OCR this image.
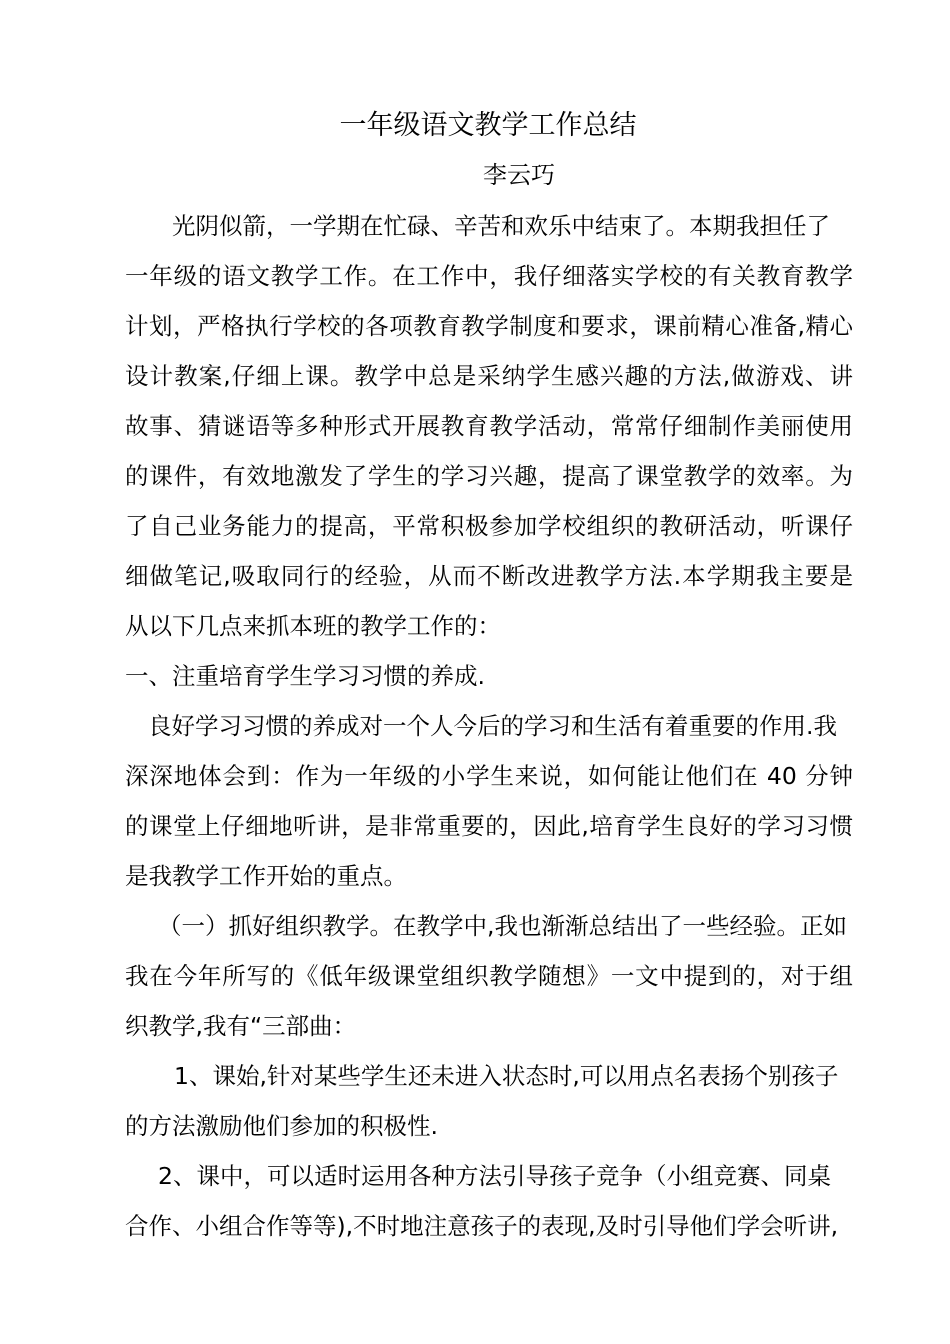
一年级语文教学工作总结
李云巧
光阴似箭，一学期在忙碌、辛苦和欢乐中结束了。本期我担任了
一年级的语文教学工作。在工作中，我仔细落实学校的有关教育教学
计划，严格执行学校的各项教育教学制度和要求，课前精心准备,精心
设计教案,仔细上课。教学中总是采纳学生感兴趣的方法,做游戏、讲
故事、猜谜语等多种形式开展教育教学活动，常常仔细制作美丽使用
的课件，有效地激发了学生的学习兴趣，提高了课堂教学的效率。为
了自己业务能力的提高，平常积极参加学校组织的教研活动，听课仔
细做笔记,吸取同行的经验，从而不断改进教学方法.本学期我主要是
从以下几点来抓本班的教学工作的：
一、注重培育学生学习习惯的养成.
良好学习习惯的养成对一个人今后的学习和生活有着重要的作用.我
深深地体会到：作为一年级的小学生来说，如何能让他们在 40 分钟
的课堂上仔细地听讲，是非常重要的，因此,培育学生良好的学习习惯
是我教学工作开始的重点。
（一）抓好组织教学。在教学中,我也渐渐总结出了一些经验。正如
我在今年所写的《低年级课堂组织教学随想》一文中提到的，对于组
织教学,我有“三部曲：
1、课始,针对某些学生还未进入状态时,可以用点名表扬个别孩子
的方法激励他们参加的积极性.
2、课中，可以适时运用各种方法引导孩子竞争（小组竞赛、同桌
合作、小组合作等等),不时地注意孩子的表现,及时引导他们学会听讲,
